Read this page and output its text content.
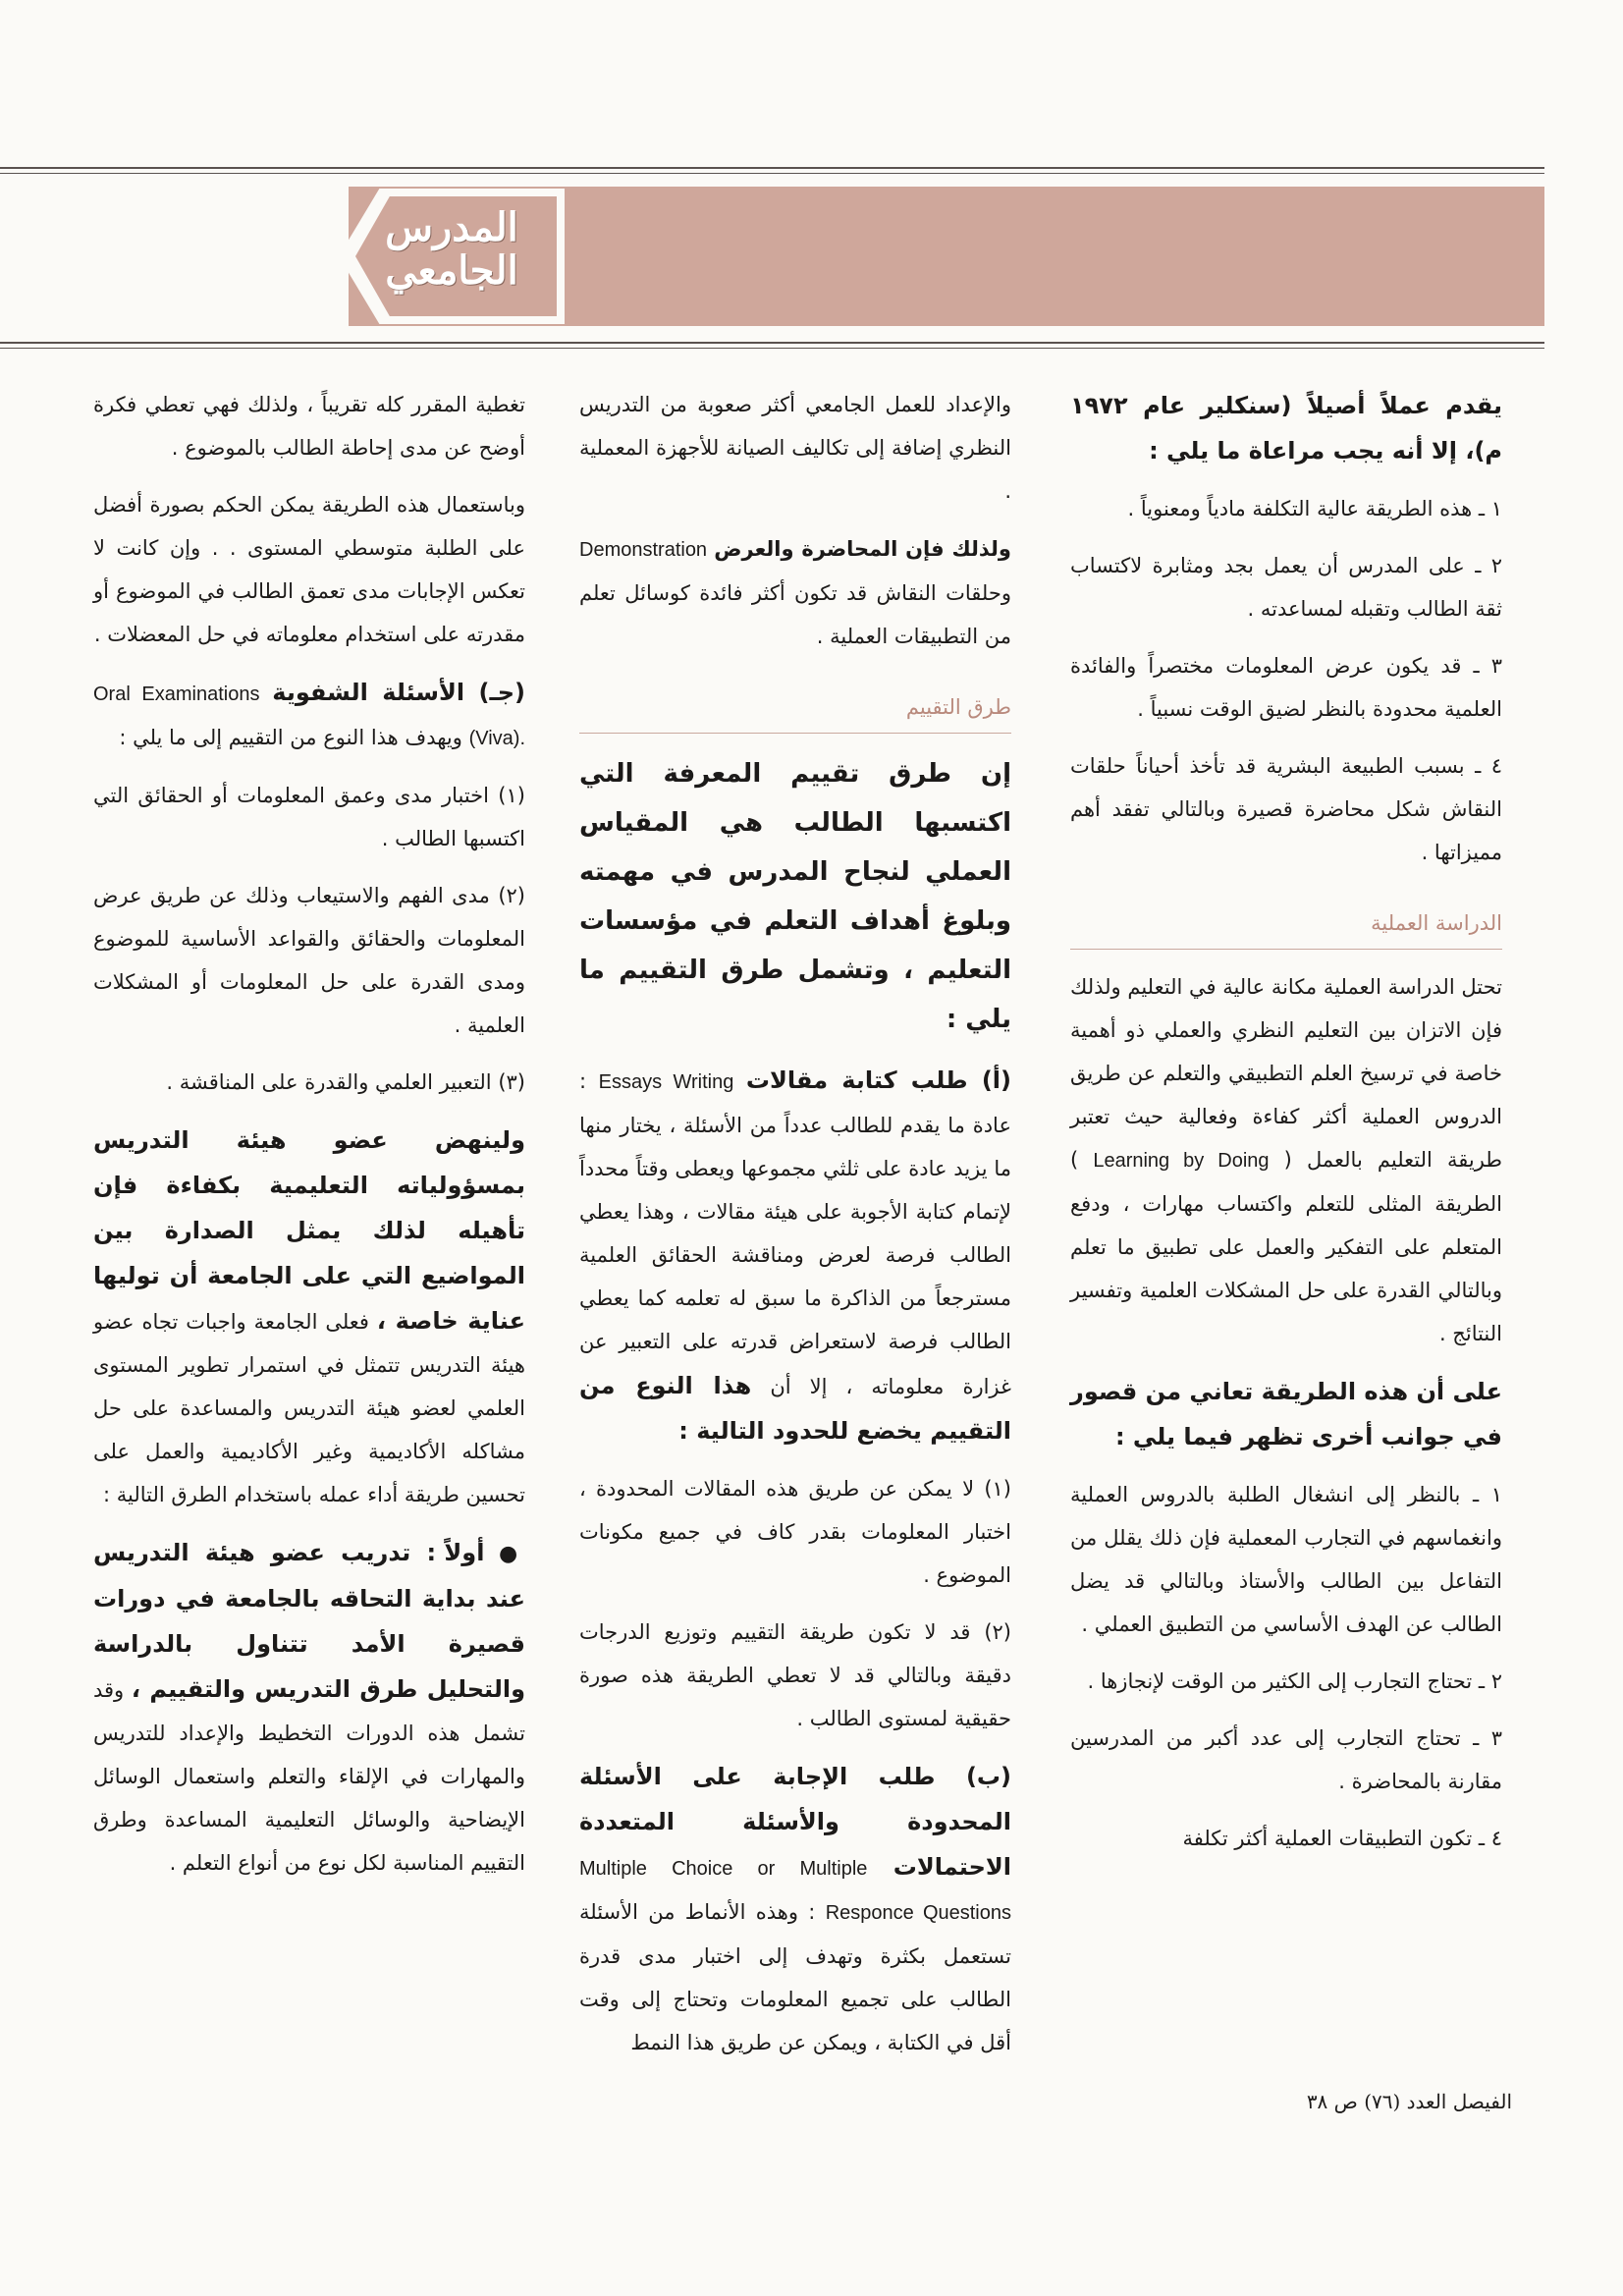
المدرس
الجامعي

يقدم عملاً أصيلاً (سنكلير عام ١٩٧٢ م)، إلا أنه يجب مراعاة ما يلي :

١ ـ هذه الطريقة عالية التكلفة مادياً ومعنوياً .

٢ ـ على المدرس أن يعمل بجد ومثابرة لاكتساب ثقة الطالب وتقبله لمساعدته .

٣ ـ قد يكون عرض المعلومات مختصراً والفائدة العلمية محدودة بالنظر لضيق الوقت نسبياً .

٤ ـ بسبب الطبيعة البشرية قد تأخذ أحياناً حلقات النقاش شكل محاضرة قصيرة وبالتالي تفقد أهم مميزاتها .

الدراسة العملية

تحتل الدراسة العملية مكانة عالية في التعليم ولذلك فإن الاتزان بين التعليم النظري والعملي ذو أهمية خاصة في ترسيخ العلم التطبيقي والتعلم عن طريق الدروس العملية أكثر كفاءة وفعالية حيث تعتبر طريقة التعليم بالعمل ( Learning by Doing ) الطريقة المثلى للتعلم واكتساب مهارات ، ودفع المتعلم على التفكير والعمل على تطبيق ما تعلم وبالتالي القدرة على حل المشكلات العلمية وتفسير النتائج .

على أن هذه الطريقة تعاني من قصور في جوانب أخرى تظهر فيما يلي :

١ ـ بالنظر إلى انشغال الطلبة بالدروس العملية وانغماسهم في التجارب المعملية فإن ذلك يقلل من التفاعل بين الطالب والأستاذ وبالتالي قد يضل الطالب عن الهدف الأساسي من التطبيق العملي .

٢ ـ تحتاج التجارب إلى الكثير من الوقت لإنجازها .

٣ ـ تحتاج التجارب إلى عدد أكبر من المدرسين مقارنة بالمحاضرة .

٤ ـ تكون التطبيقات العملية أكثر تكلفة

والإعداد للعمل الجامعي أكثر صعوبة من التدريس النظري إضافة إلى تكاليف الصيانة للأجهزة المعملية .

ولذلك فإن المحاضرة والعرض Demonstration وحلقات النقاش قد تكون أكثر فائدة كوسائل تعلم من التطبيقات العملية .

طرق التقييم

إن طرق تقييم المعرفة التي اكتسبها الطالب هي المقياس العملي لنجاح المدرس في مهمته وبلوغ أهداف التعلم في مؤسسات التعليم ، وتشمل طرق التقييم ما يلي :

(أ) طلب كتابة مقالات Essays Writing : عادة ما يقدم للطالب عدداً من الأسئلة ، يختار منها ما يزيد عادة على ثلثي مجموعها ويعطى وقتاً محدداً لإتمام كتابة الأجوبة على هيئة مقالات ، وهذا يعطي الطالب فرصة لعرض ومناقشة الحقائق العلمية مسترجعاً من الذاكرة ما سبق له تعلمه كما يعطي الطالب فرصة لاستعراض قدرته على التعبير عن غزارة معلوماته ، إلا أن هذا النوع من التقييم يخضع للحدود التالية :

(١) لا يمكن عن طريق هذه المقالات المحدودة ، اختبار المعلومات بقدر كاف في جميع مكونات الموضوع .

(٢) قد لا تكون طريقة التقييم وتوزيع الدرجات دقيقة وبالتالي قد لا تعطي الطريقة هذه صورة حقيقية لمستوى الطالب .

(ب) طلب الإجابة على الأسئلة المحدودة والأسئلة المتعددة الاحتمالات Multiple Choice or Multiple Responce Questions : وهذه الأنماط من الأسئلة تستعمل بكثرة وتهدف إلى اختبار مدى قدرة الطالب على تجميع المعلومات وتحتاج إلى وقت أقل في الكتابة ، ويمكن عن طريق هذا النمط

تغطية المقرر كله تقريباً ، ولذلك فهي تعطي فكرة أوضح عن مدى إحاطة الطالب بالموضوع .

وباستعمال هذه الطريقة يمكن الحكم بصورة أفضل على الطلبة متوسطي المستوى . . وإن كانت لا تعكس الإجابات مدى تعمق الطالب في الموضوع أو مقدرته على استخدام معلوماته في حل المعضلات .

(جـ) الأسئلة الشفوية Oral Examinations (Viva). ويهدف هذا النوع من التقييم إلى ما يلي :

(١) اختبار مدى وعمق المعلومات أو الحقائق التي اكتسبها الطالب .

(٢) مدى الفهم والاستيعاب وذلك عن طريق عرض المعلومات والحقائق والقواعد الأساسية للموضوع ومدى القدرة على حل المعلومات أو المشكلات العلمية .

(٣) التعبير العلمي والقدرة على المناقشة .

ولينهض عضو هيئة التدريس بمسؤولياته التعليمية بكفاءة فإن تأهيله لذلك يمثل الصدارة بين المواضيع التي على الجامعة أن توليها عناية خاصة ، فعلى الجامعة واجبات تجاه عضو هيئة التدريس تتمثل في استمرار تطوير المستوى العلمي لعضو هيئة التدريس والمساعدة على حل مشاكله الأكاديمية وغير الأكاديمية والعمل على تحسين طريقة أداء عمله باستخدام الطرق التالية :

● أولاً : تدريب عضو هيئة التدريس عند بداية التحاقه بالجامعة في دورات قصيرة الأمد تتناول بالدراسة والتحليل طرق التدريس والتقييم ، وقد تشمل هذه الدورات التخطيط والإعداد للتدريس والمهارات في الإلقاء والتعلم واستعمال الوسائل الإيضاحية والوسائل التعليمية المساعدة وطرق التقييم المناسبة لكل نوع من أنواع التعلم .

الفيصل العدد (٧٦) ص ٣٨
